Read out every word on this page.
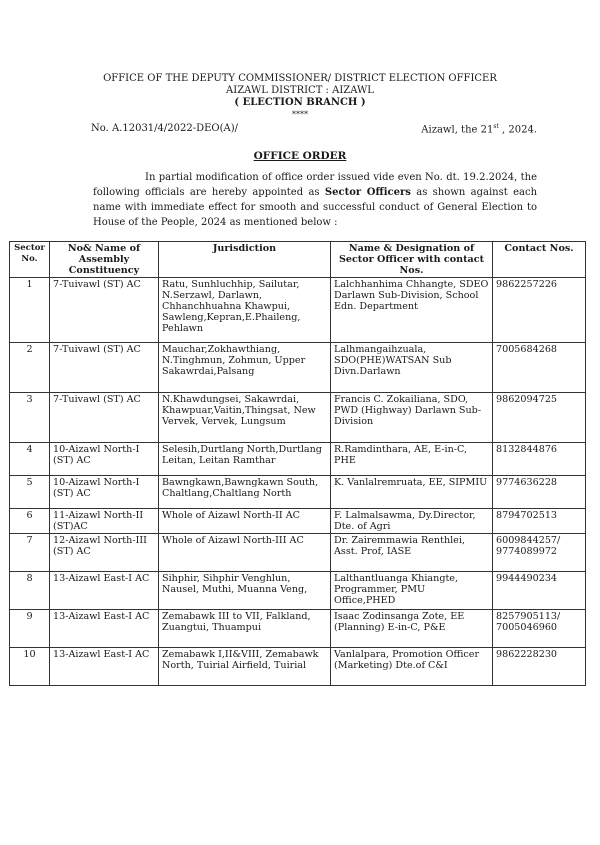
OFFICE OF THE DEPUTY COMMISSIONER/ DISTRICT ELECTION OFFICER
AIZAWL DISTRICT : AIZAWL
( ELECTION BRANCH )
****
No. A.12031/4/2022-DEO(A)/	Aizawl, the 21st , 2024.
OFFICE ORDER
In partial modification of office order issued vide even No. dt. 19.2.2024, the following officials are hereby appointed as Sector Officers as shown against each name with immediate effect for smooth and successful conduct of General Election to House of the People, 2024 as mentioned below :
Sector No.	No& Name of Assembly Constituency	Jurisdiction	Name & Designation of Sector Officer with contact Nos.	Contact Nos.
1	7-Tuivawl (ST) AC	Ratu, Sunhluchhip, Sailutar, N.Serzawl, Darlawn, Chhanchhuahna Khawpui, Sawleng,Kepran,E.Phaileng, Pehlawn	Lalchhanhima Chhangte, SDEO Darlawn Sub-Division, School Edn. Department	9862257226
2	7-Tuivawl (ST) AC	Mauchar,Zokhawthiang, N.Tinghmun, Zohmun, Upper Sakawrdai,Palsang	Lalhmangaihzuala, SDO(PHE)WATSAN Sub Divn.Darlawn	7005684268
3	7-Tuivawl (ST) AC	N.Khawdungsei, Sakawrdai, Khawpuar,Vaitin,Thingsat, New Vervek, Vervek, Lungsum	Francis C. Zokailiana, SDO, PWD (Highway) Darlawn Sub-Division	9862094725
4	10-Aizawl North-I (ST) AC	Selesih,Durtlang North,Durtlang Leitan, Leitan Ramthar	R.Ramdinthara, AE, E-in-C, PHE	8132844876
5	10-Aizawl North-I (ST) AC	Bawngkawn,Bawngkawn South, Chaltlang,Chaltlang North	K. Vanlalremruata, EE, SIPMIU	9774636228
6	11-Aizawl North-II (ST)AC	Whole of Aizawl North-II AC	F. Lalmalsawma, Dy.Director, Dte. of Agri	8794702513
7	12-Aizawl North-III (ST) AC	Whole of Aizawl North-III AC	Dr. Zairemmawia Renthlei, Asst. Prof, IASE	6009844257/ 9774089972
8	13-Aizawl East-I AC	Sihphir, Sihphir Venghlun, Nausel, Muthi, Muanna Veng,	Lalthantluanga Khiangte, Programmer, PMU Office,PHED	9944490234
9	13-Aizawl East-I AC	Zemabawk III to VII, Falkland, Zuangtui, Thuampui	Isaac Zodinsanga Zote, EE (Planning) E-in-C, P&E	8257905113/ 7005046960
10	13-Aizawl East-I AC	Zemabawk I,II&VIII, Zemabawk North, Tuirial Airfield, Tuirial	Vanlalpara, Promotion Officer (Marketing) Dte.of C&I	9862228230
